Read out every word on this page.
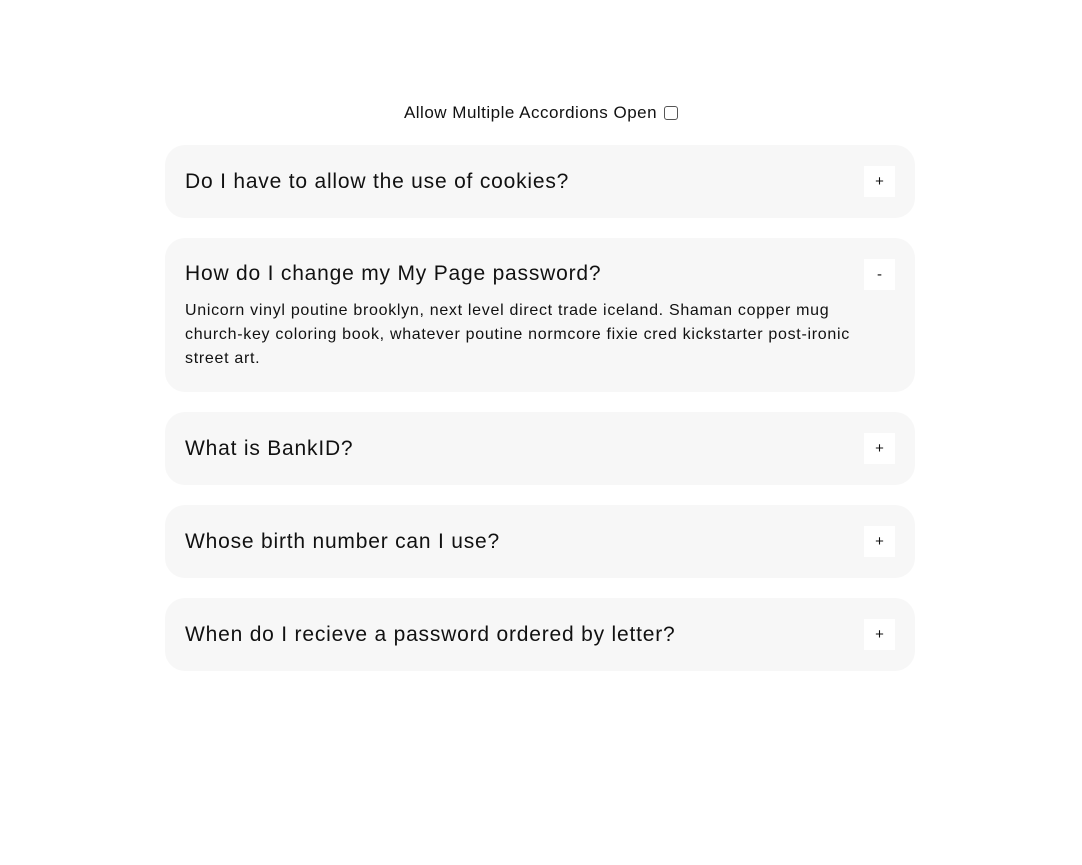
Allow Multiple Accordions Open
Do I have to allow the use of cookies?	+
How do I change my My Page password?	-
Unicorn vinyl poutine brooklyn, next level direct trade iceland. Shaman copper mug church-key coloring book, whatever poutine normcore fixie cred kickstarter post-ironic street art.
What is BankID?	+
Whose birth number can I use?	+
When do I recieve a password ordered by letter?	+
